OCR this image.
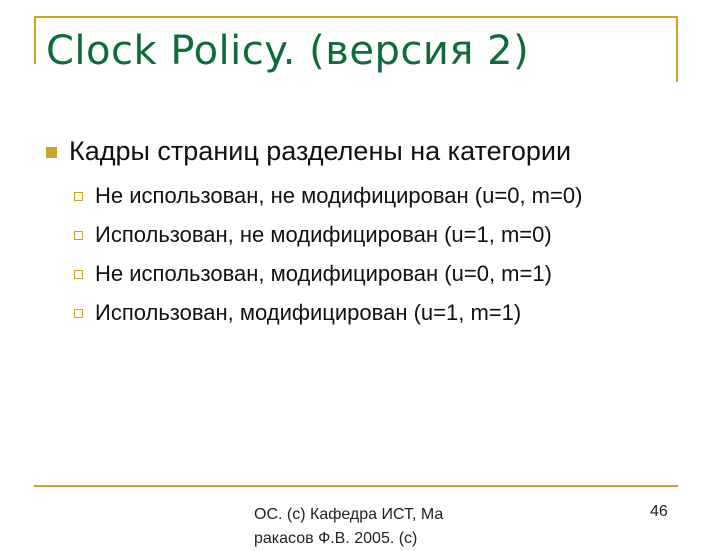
Clock Policy. (версия 2)
Кадры страниц разделены на категории
Не использован, не модифицирован (u=0, m=0)
Использован, не модифицирован (u=1, m=0)
Не использован, модифицирован (u=0, m=1)
Использован, модифицирован (u=1, m=1)
ОС. (с) Кафедра ИСТ, Ма ракасов Ф.В. 2005. (с)
46
